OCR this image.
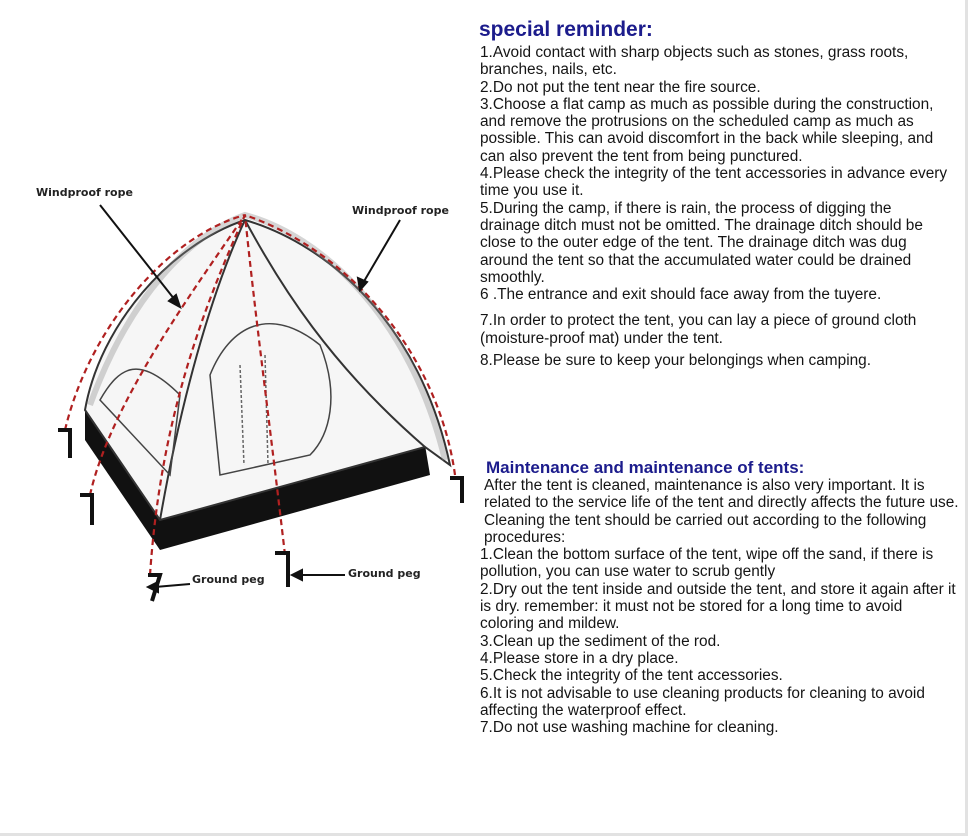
Windproof rope
Windproof rope
Ground peg	Ground peg
special reminder:

1.Avoid contact with sharp objects such as stones, grass roots, branches, nails, etc.

2.Do not put the tent near the fire source.

3.Choose a flat camp as much as possible during the construction, and remove the protrusions on the scheduled camp as much as possible. This can avoid discomfort in the back while sleeping, and can also prevent the tent from being punctured.

4.Please check the integrity of the tent accessories in advance every time you use it.

5.During the camp, if there is rain, the process of digging the drainage ditch must not be omitted. The drainage ditch should be close to the outer edge of the tent. The drainage ditch was dug around the tent so that the accumulated water could be drained smoothly.

6 .The entrance and exit should face away from the tuyere.

7.In order to protect the tent, you can lay a piece of ground cloth (moisture-proof mat) under the tent.

8.Please be sure to keep your belongings when camping.

Maintenance and maintenance of tents:

After the tent is cleaned, maintenance is also very important. It is related to the service life of the tent and directly affects the future use. Cleaning the tent should be carried out according to the following procedures:

1.Clean the bottom surface of the tent, wipe off the sand, if there is pollution, you can use water to scrub gently

2.Dry out the tent inside and outside the tent, and store it again after it is dry. remember: it must not be stored for a long time to avoid coloring and mildew.

3.Clean up the sediment of the rod.

4.Please store in a dry place.

5.Check the integrity of the tent accessories.

6.It is not advisable to use cleaning products for cleaning to avoid affecting the waterproof effect.

7.Do not use washing machine for cleaning.
